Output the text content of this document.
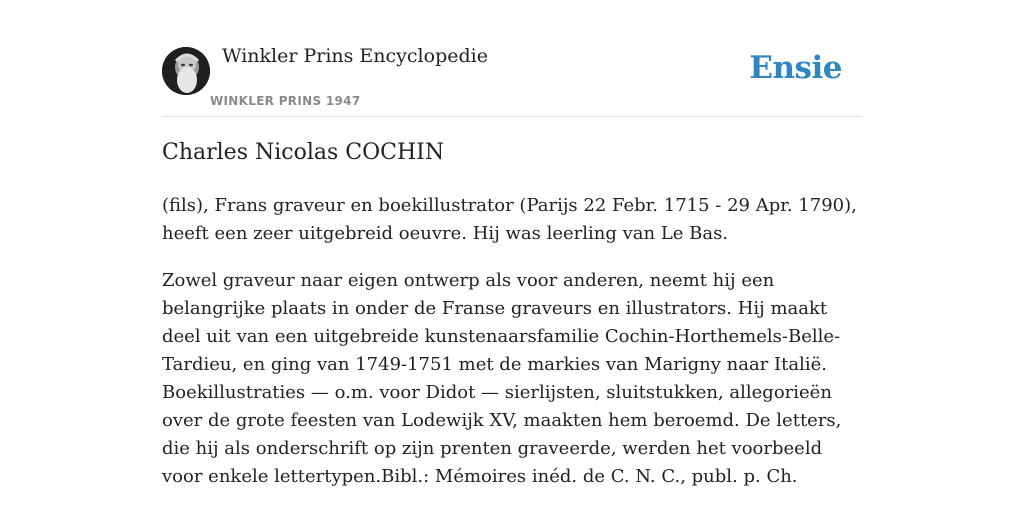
Winkler Prins Encyclopedie
WINKLER PRINS 1947
Ensie
Charles Nicolas COCHIN

(fils), Frans graveur en boekillustrator (Parijs 22 Febr. 1715 - 29 Apr. 1790), heeft een zeer uitgebreid oeuvre. Hij was leerling van Le Bas.

Zowel graveur naar eigen ontwerp als voor anderen, neemt hij een belangrijke plaats in onder de Franse graveurs en illustrators. Hij maakt deel uit van een uitgebreide kunstenaarsfamilie Cochin-Horthemels-Belle-Tardieu, en ging van 1749-1751 met de markies van Marigny naar Italië. Boekillustraties — o.m. voor Didot — sierlijsten, sluitstukken, allegorieën over de grote feesten van Lodewijk XV, maakten hem beroemd. De letters, die hij als onderschrift op zijn prenten graveerde, werden het voorbeeld voor enkele lettertypen.Bibl.: Mémoires inéd. de C. N. C., publ. p. Ch.
